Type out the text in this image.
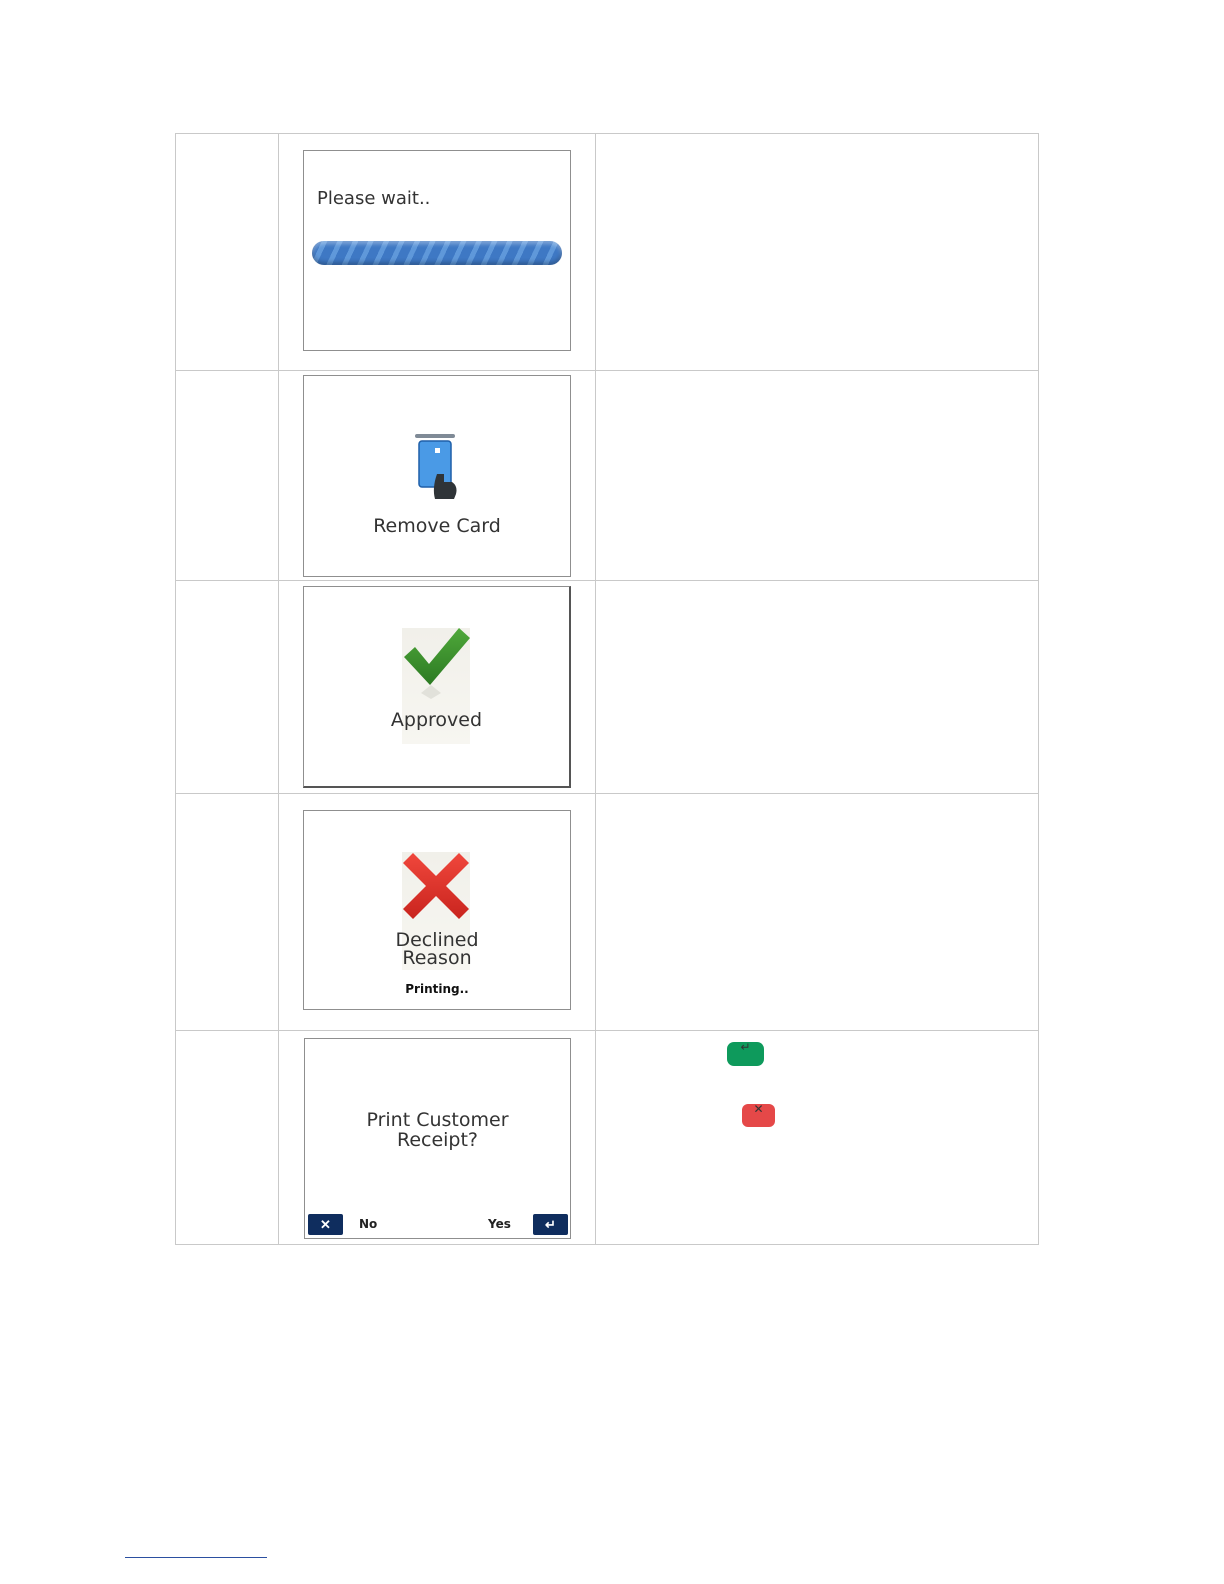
Please wait..
Remove Card
Approved
Declined
Reason
Printing..
Print Customer
Receipt?
✕	No	Yes	↵
↵
✕
